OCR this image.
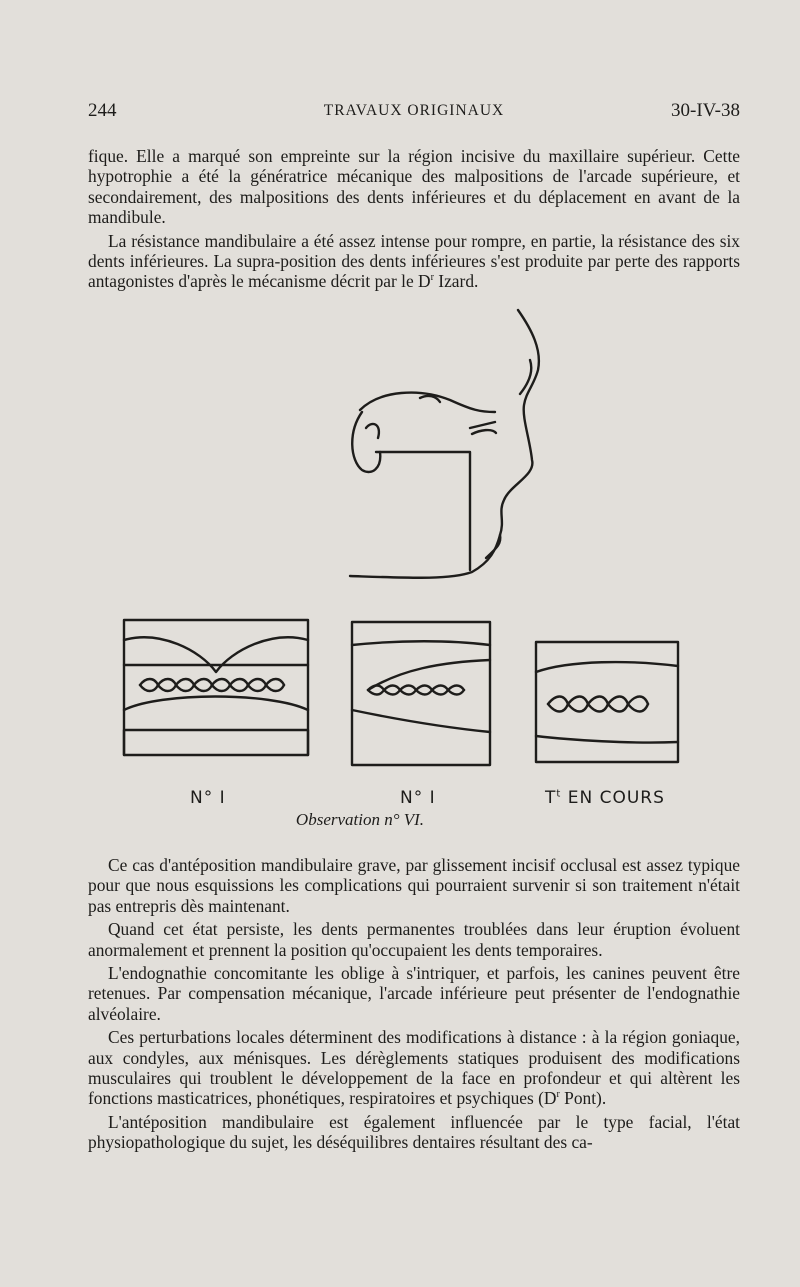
244	TRAVAUX ORIGINAUX	30-IV-38

fique. Elle a marqué son empreinte sur la région incisive du maxillaire supérieur. Cette hypotrophie a été la génératrice mécanique des malpositions de l'arcade supérieure, et secondairement, des malpositions des dents inférieures et du déplacement en avant de la mandibule.

La résistance mandibulaire a été assez intense pour rompre, en partie, la résistance des six dents inférieures. La supra-position des dents inférieures s'est produite par perte des rapports antagonistes d'après le mécanisme décrit par le $D^r$ Izard.

N° I	N° I	$T^t$ EN COURS
Observation n° VI.

Ce cas d'antéposition mandibulaire grave, par glissement incisif occlusal est assez typique pour que nous esquissions les complications qui pourraient survenir si son traitement n'était pas entrepris dès maintenant.

Quand cet état persiste, les dents permanentes troublées dans leur éruption évoluent anormalement et prennent la position qu'occupaient les dents temporaires.

L'endognathie concomitante les oblige à s'intriquer, et parfois, les canines peuvent être retenues. Par compensation mécanique, l'arcade inférieure peut présenter de l'endognathie alvéolaire.

Ces perturbations locales déterminent des modifications à distance : à la région goniaque, aux condyles, aux ménisques. Les dérèglements statiques produisent des modifications musculaires qui troublent le développement de la face en profondeur et qui altèrent les fonctions masticatrices, phonétiques, respiratoires et psychiques ($D^r$ Pont).

L'antéposition mandibulaire est également influencée par le type facial, l'état physiopathologique du sujet, les déséquilibres dentaires résultant des ca-
